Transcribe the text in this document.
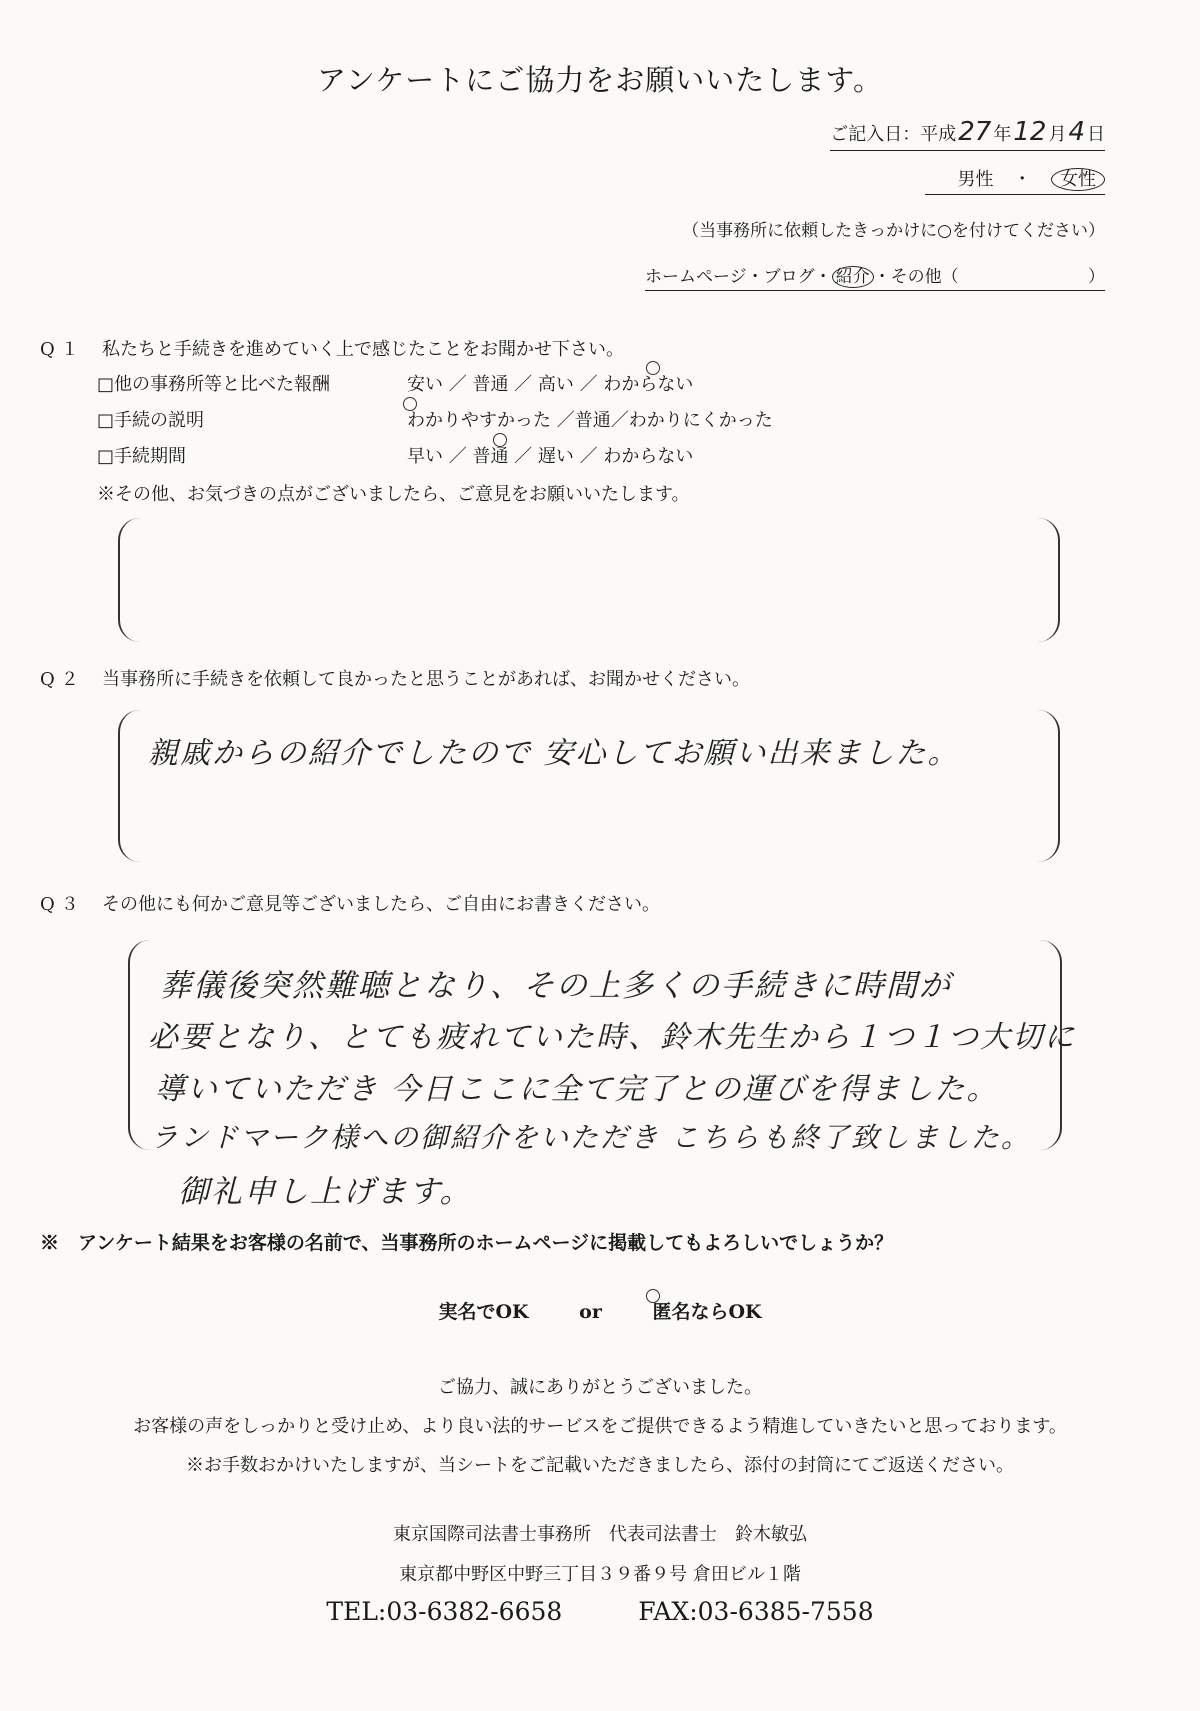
アンケートにご協力をお願いいたします。
ご記入日：平成27 年12 月4 日
男性 ・ 女性
（当事務所に依頼したきっかけに○を付けてください）
ホームページ・ブログ・ 紹介 ・その他（	）
Q１ 私たちと手続きを進めていく上で感じたことをお聞かせ下さい。
□他の事務所等と比べた報酬	安い ／ 普通 ／ 高い ／ わからない
□手続の説明	わかりやすかった ／普通／わかりにくかった
□手続期間	早い ／ 普通 ／ 遅い ／ わからない
※その他、お気づきの点がございましたら、ご意見をお願いいたします。
Q２ 当事務所に手続きを依頼して良かったと思うことがあれば、お聞かせください。
親戚からの紹介でしたので 安心してお願い出来ました。
Q３ その他にも何かご意見等ございましたら、ご自由にお書きください。
葬儀後突然難聴となり、その上多くの手続きに時間が
必要となり、とても疲れていた時、鈴木先生から１つ１つ大切に
導いていただき 今日ここに全て完了との運びを得ました。
ランドマーク様への御紹介をいただき こちらも終了致しました。
御礼申し上げます。
※　アンケート結果をお客様の名前で、当事務所のホームページに掲載してもよろしいでしょうか？
実名でOK	or	匿名ならOK
ご協力、誠にありがとうございました。
お客様の声をしっかりと受け止め、より良い法的サービスをご提供できるよう精進していきたいと思っております。
※お手数おかけいたしますが、当シートをご記載いただきましたら、添付の封筒にてご返送ください。
東京国際司法書士事務所　代表司法書士　鈴木敏弘
東京都中野区中野三丁目３９番９号 倉田ビル１階
TEL:03-6382-6658	FAX:03-6385-7558
